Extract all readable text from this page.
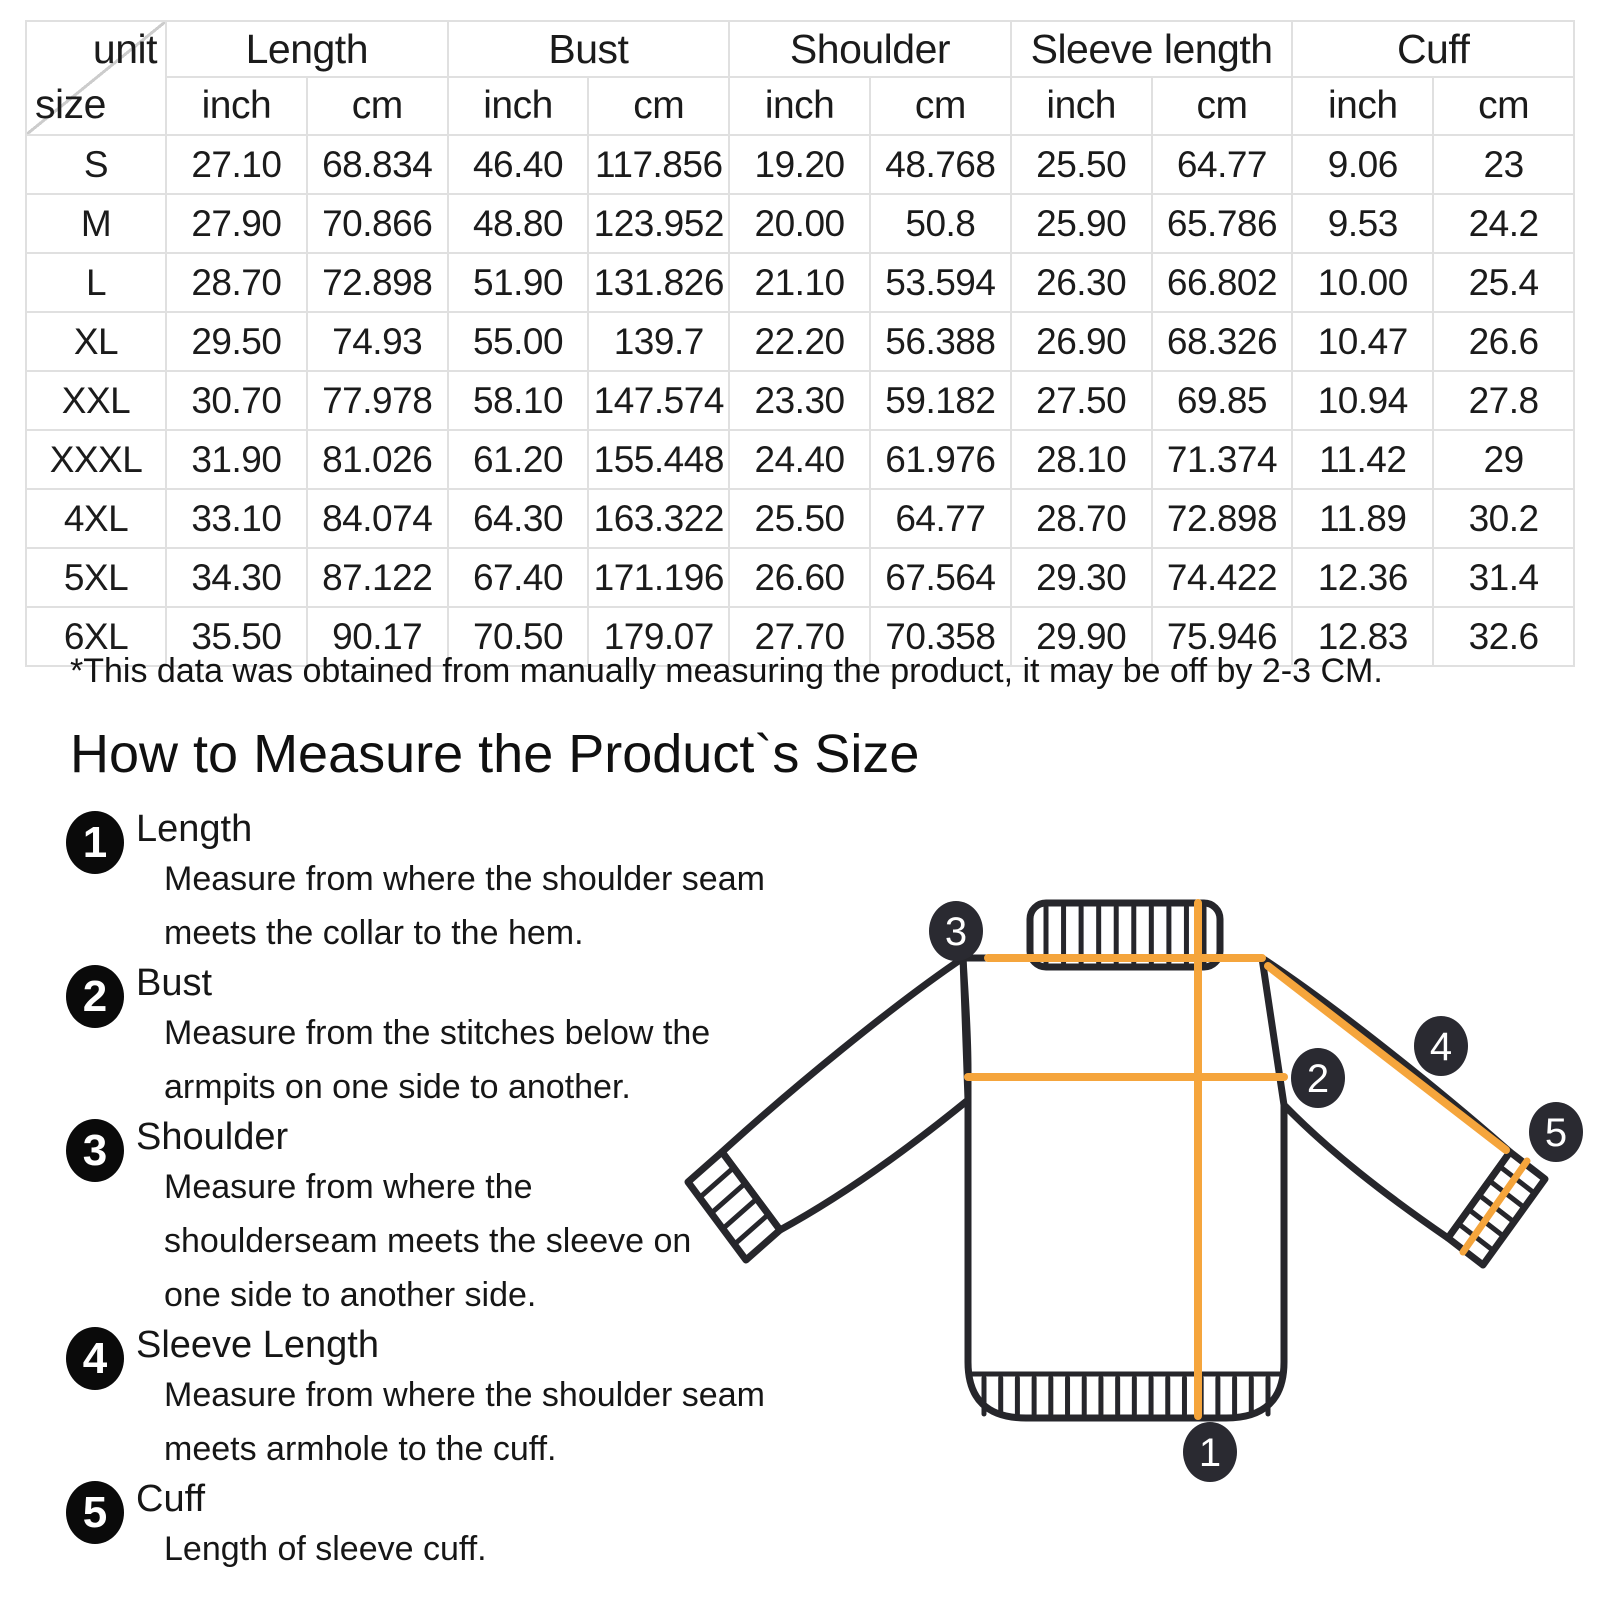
unit
size	Length		Bust		Shoulder		Sleeve length		Cuff	
	inch	cm	inch	cm	inch	cm	inch	cm	inch	cm
S	27.10	68.834	46.40	117.856	19.20	48.768	25.50	64.77	9.06	23
M	27.90	70.866	48.80	123.952	20.00	50.8	25.90	65.786	9.53	24.2
L	28.70	72.898	51.90	131.826	21.10	53.594	26.30	66.802	10.00	25.4
XL	29.50	74.93	55.00	139.7	22.20	56.388	26.90	68.326	10.47	26.6
XXL	30.70	77.978	58.10	147.574	23.30	59.182	27.50	69.85	10.94	27.8
XXXL	31.90	81.026	61.20	155.448	24.40	61.976	28.10	71.374	11.42	29
4XL	33.10	84.074	64.30	163.322	25.50	64.77	28.70	72.898	11.89	30.2
5XL	34.30	87.122	67.40	171.196	26.60	67.564	29.30	74.422	12.36	31.4
6XL	35.50	90.17	70.50	179.07	27.70	70.358	29.90	75.946	12.83	32.6
*This data was obtained from manually measuring the product, it may be off by 2-3 CM.
How to Measure the Product`s Size
1 Length
Measure from where the shoulder seam
meets the collar to the hem.
2 Bust
Measure from the stitches below the
armpits on one side to another.
3 Shoulder
Measure from where the
shoulderseam meets the sleeve on
one side to another side.
4 Sleeve Length
Measure from where the shoulder seam
meets armhole to the cuff.
5 Cuff
Length of sleeve cuff.
1
2
3
4
5
